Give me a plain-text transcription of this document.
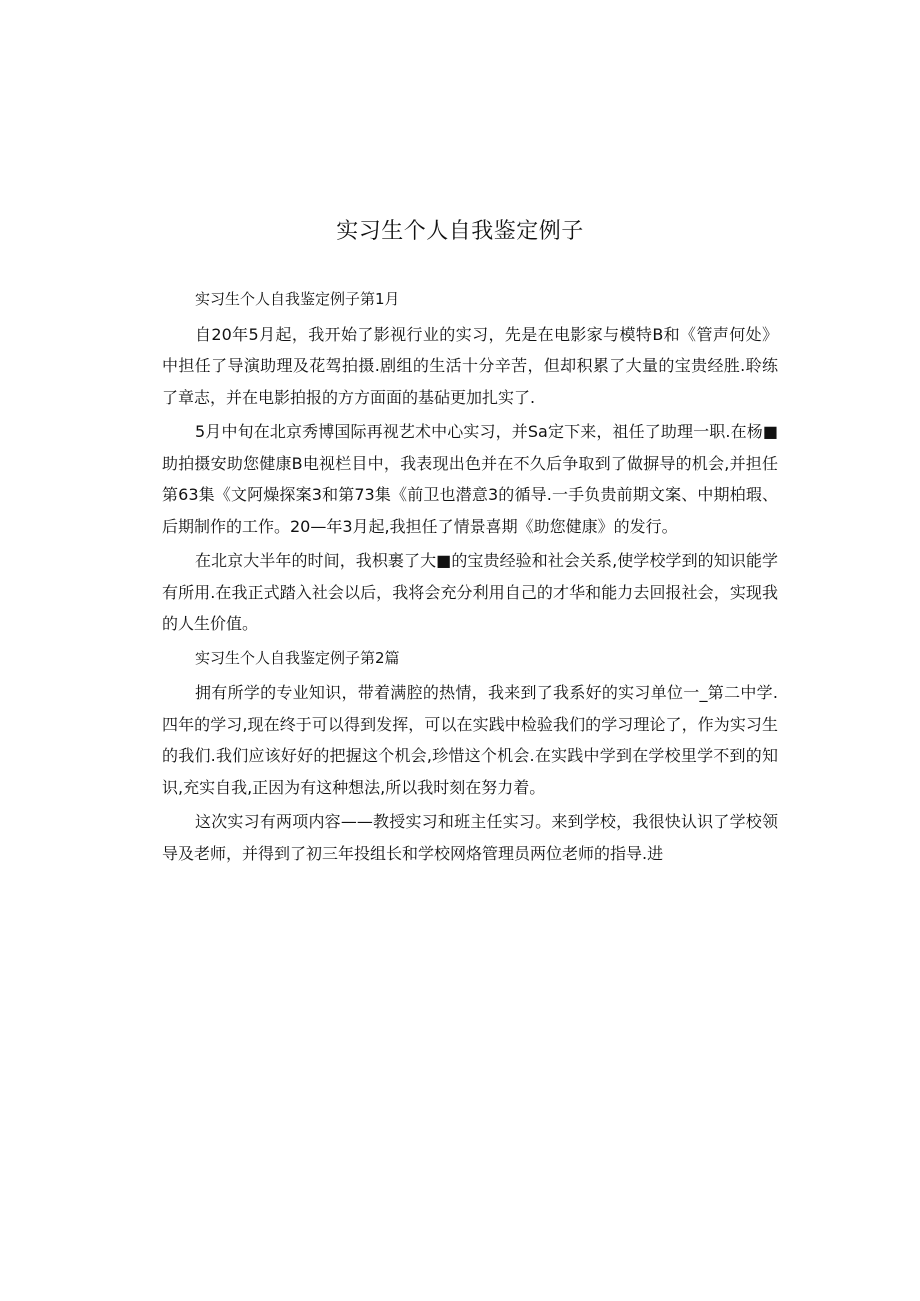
实习生个人自我鉴定例子
实习生个人自我鉴定例子第1月

自20年5月起，我开始了影视行业的实习，先是在电影家与模特B和《管声何处》中担任了导演助理及花驾拍摄.剧组的生活十分辛苦，但却积累了大量的宝贵经胜.聆练了章志，并在电影拍报的方方面面的基砧更加扎实了.

5月中旬在北京秀博国际再视艺术中心实习，并Sa定下来，祖任了助理一职.在杨■助拍摄安助您健康B电视栏目中，我表现出色并在不久后争取到了做摒导的机会,并担任第63集《文阿燥探案3和第73集《前卫也潜意3的循导.一手负贵前期文案、中期柏瑕、后期制作的工作。20—年3月起,我担任了情景喜期《助您健康》的发行。

在北京大半年的时间，我枳裹了大■的宝贵经验和社会关系,使学校学到的知识能学有所用.在我正式踏入社会以后，我将会充分利用自己的才华和能力去回报社会，实现我的人生价值。

实习生个人自我鉴定例子第2篇

拥有所学的专业知识，带着满腔的热情，我来到了我系好的实习单位一_第二中学.四年的学习,现在终于可以得到发挥，可以在实践中检验我们的学习理论了，作为实习生的我们.我们应该好好的把握这个机会,珍惜这个机会.在实践中学到在学校里学不到的知识,充实自我,正因为有这种想法,所以我时刻在努力着。

这次实习有两项内容——教授实习和班主任实习。来到学校，我很快认识了学校领导及老师，并得到了初三年投组长和学校网烙管理员两位老师的指导.进
